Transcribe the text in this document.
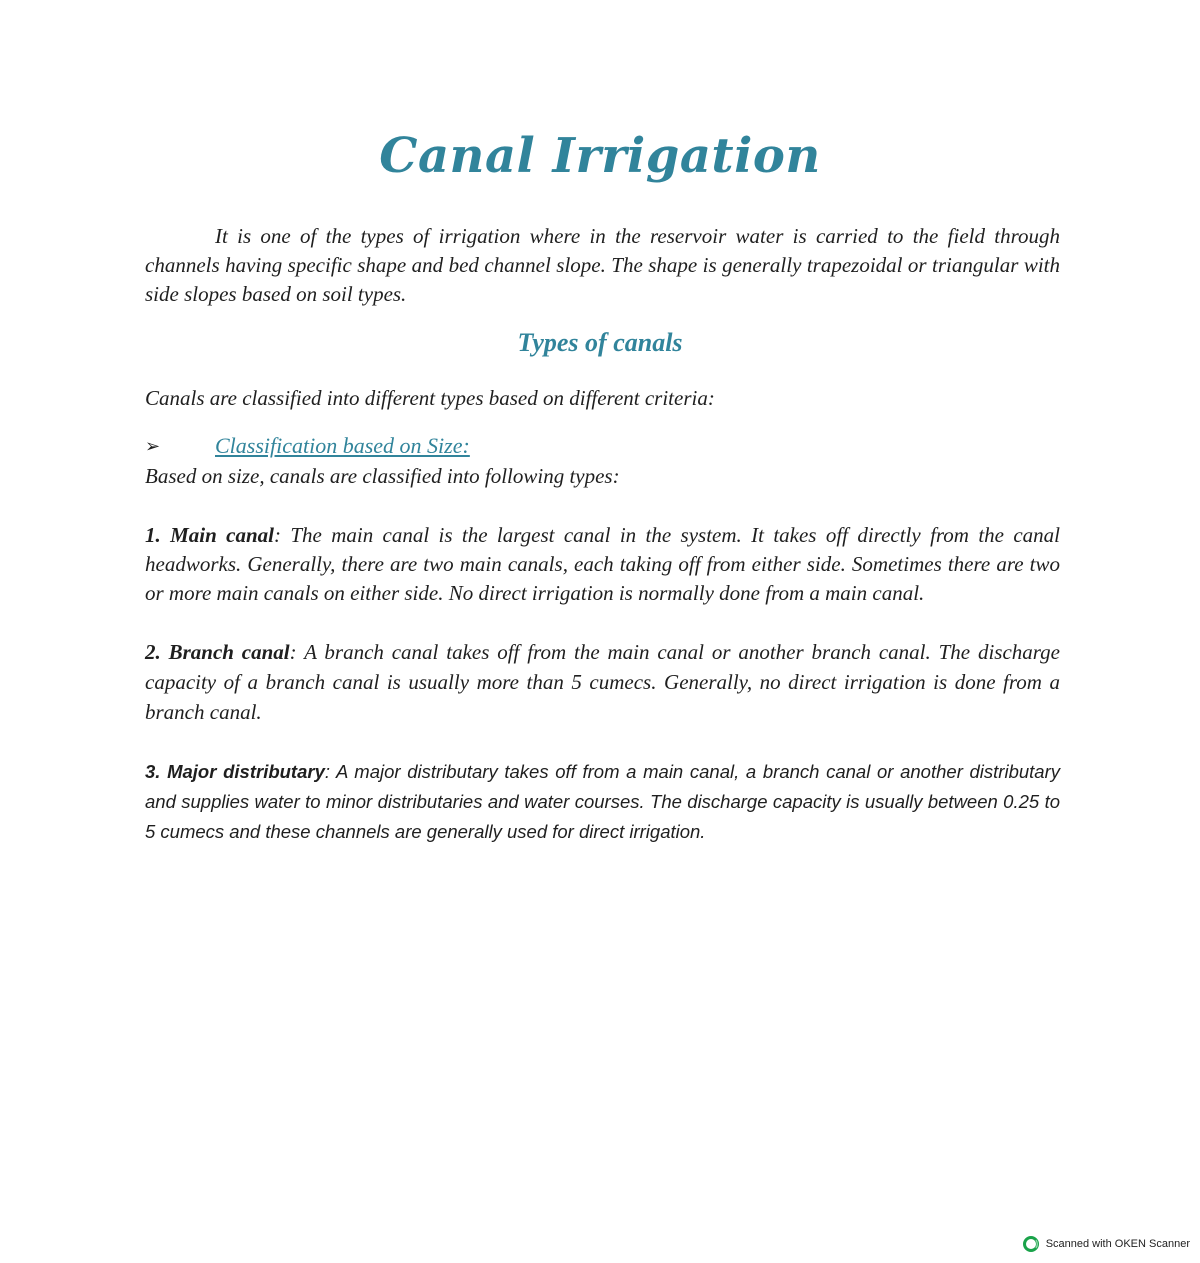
Canal Irrigation

It is one of the types of irrigation where in the reservoir water is carried to the field through channels having specific shape and bed channel slope. The shape is generally trapezoidal or triangular with side slopes based on soil types.

Types of canals

Canals are classified into different types based on different criteria:

➢ Classification based on Size:

Based on size, canals are classified into following types:

1. Main canal: The main canal is the largest canal in the system. It takes off directly from the canal headworks. Generally, there are two main canals, each taking off from either side. Sometimes there are two or more main canals on either side. No direct irrigation is normally done from a main canal.

2. Branch canal: A branch canal takes off from the main canal or another branch canal. The discharge capacity of a branch canal is usually more than 5 cumecs. Generally, no direct irrigation is done from a branch canal.

3. Major distributary: A major distributary takes off from a main canal, a branch canal or another distributary and supplies water to minor distributaries and water courses. The discharge capacity is usually between 0.25 to 5 cumecs and these channels are generally used for direct irrigation.

Scanned with OKEN Scanner
